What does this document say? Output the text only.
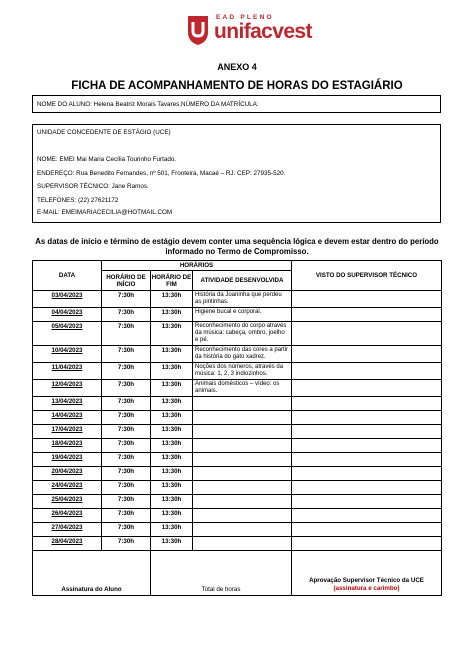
EAD PLENO
unifacvest
ANEXO 4
FICHA DE ACOMPANHAMENTO DE HORAS DO ESTAGIÁRIO
NOME DO ALUNO: Helena Beatriz Morais Tavares.NÚMERO DA MATRÍCULA:
UNIDADE CONCEDENTE DE ESTÁGIO (UCE)
NOME: EMEI Mai Maria Cecília Tourinho Furtado.
ENDEREÇO: Rua Benedito Fernandes, nº 501, Fronteira, Macaé – RJ. CEP: 27935-520.
SUPERVISOR TÉCNICO: Jane Ramos.
TELEFONES: (22) 27621172
E-MAIL: EMEIMARIACECILIA@HOTMAIL.COM
As datas de início e término de estágio devem conter uma sequência lógica e devem estar dentro do período informado no Termo de Compromisso.
DATA	HORÁRIOS			VISTO DO SUPERVISOR TÉCNICO
	HORÁRIO DE INÍCIO	HORÁRIO DE FIM	ATIVIDADE DESENVOLVIDA	
03/04/2023	7:30h	13:30h	História da Joaninha que perdeu as pintinhas.	
04/04/2023	7:30h	13:30h	Higiene bucal e corporal.	
05/04/2023	7:30h	13:30h	Reconhecimento do corpo através da música: cabeça, ombro, joelho e pé.	
10/04/2023	7:30h	13:30h	Reconhecimento das cores a partir da história do gato xadrez.	
11/04/2023	7:30h	13:30h	Noções dos números, através da música: 1, 2, 3 indiozinhos.	
12/04/2023	7:30h	13:30h	Animais domésticos – vídeo: os animais.	
13/04/2023	7:30h	13:30h		
14/04/2023	7:30h	13:30h		
17/04/2023	7:30h	13:30h		
18/04/2023	7:30h	13:30h		
19/04/2023	7:30h	13:30h		
20/04/2023	7:30h	13:30h		
24/04/2023	7:30h	13:30h		
25/04/2023	7:30h	13:30h		
26/04/2023	7:30h	13:30h		
27/04/2023	7:30h	13:30h		
28/04/2023	7:30h	13:30h		
Assinatura do Aluno		Total de horas		Aprovação Supervisor Técnico da UCE
(assinatura e carimbo)
